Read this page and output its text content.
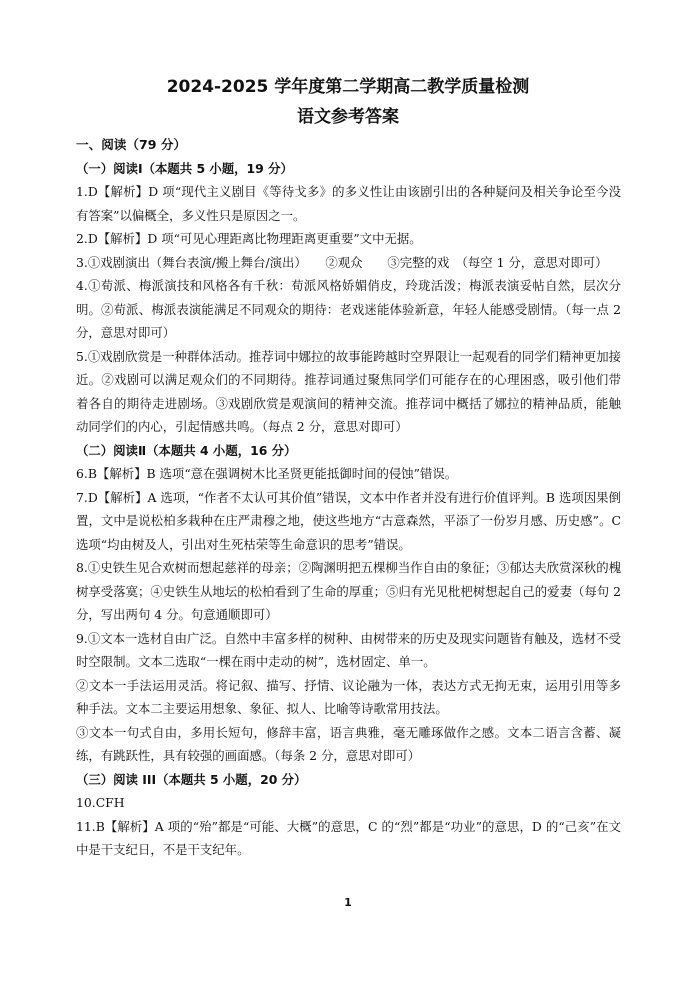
2024-2025 学年度第二学期高二教学质量检测
语文参考答案

一、阅读（79 分）

（一）阅读Ⅰ（本题共 5 小题，19 分）

1.D【解析】D 项“现代主义剧目《等待戈多》的多义性让由该剧引出的各种疑问及相关争论至今没有答案”以偏概全，多义性只是原因之一。

2.D【解析】D 项“可见心理距离比物理距离更重要”文中无据。

3.①戏剧演出（舞台表演/搬上舞台/演出）　　②观众　　③完整的戏　（每空 1 分，意思对即可）

4.①荀派、梅派演技和风格各有千秋：荀派风格娇媚俏皮，玲珑活泼；梅派表演妥帖自然，层次分明。②荀派、梅派表演能满足不同观众的期待：老戏迷能体验新意，年轻人能感受剧情。（每一点 2 分，意思对即可）

5.①戏剧欣赏是一种群体活动。推荐词中娜拉的故事能跨越时空界限让一起观看的同学们精神更加接近。②戏剧可以满足观众们的不同期待。推荐词通过聚焦同学们可能存在的心理困惑，吸引他们带着各自的期待走进剧场。③戏剧欣赏是观演间的精神交流。推荐词中概括了娜拉的精神品质，能触动同学们的内心，引起情感共鸣。（每点 2 分，意思对即可）

（二）阅读Ⅱ（本题共 4 小题，16 分）

6.B【解析】B 选项“意在强调树木比圣贤更能抵御时间的侵蚀”错误。

7.D【解析】A 选项，“作者不太认可其价值”错误，文本中作者并没有进行价值评判。B 选项因果倒置，文中是说松柏多栽种在庄严肃穆之地，使这些地方“古意森然，平添了一份岁月感、历史感”。C 选项“均由树及人，引出对生死枯荣等生命意识的思考”错误。

8.①史铁生见合欢树而想起慈祥的母亲；②陶渊明把五棵柳当作自由的象征；③郁达夫欣赏深秋的槐树享受落寞；④史铁生从地坛的松柏看到了生命的厚重；⑤归有光见枇杷树想起自己的爱妻（每句 2 分，写出两句 4 分。句意通顺即可）

9.①文本一选材自由广泛。自然中丰富多样的树种、由树带来的历史及现实问题皆有触及，选材不受时空限制。文本二选取“一棵在雨中走动的树”，选材固定、单一。

②文本一手法运用灵活。将记叙、描写、抒情、议论融为一体，表达方式无拘无束，运用引用等多种手法。文本二主要运用想象、象征、拟人、比喻等诗歌常用技法。

③文本一句式自由，多用长短句，修辞丰富，语言典雅，毫无雕琢做作之感。文本二语言含蓄、凝练，有跳跃性，具有较强的画面感。（每条 2 分，意思对即可）

（三）阅读 III（本题共 5 小题，20 分）

10.CFH

11.B【解析】A 项的“殆”都是“可能、大概”的意思，C 的“烈”都是“功业”的意思，D 的“己亥”在文中是干支纪日，不是干支纪年。

1
